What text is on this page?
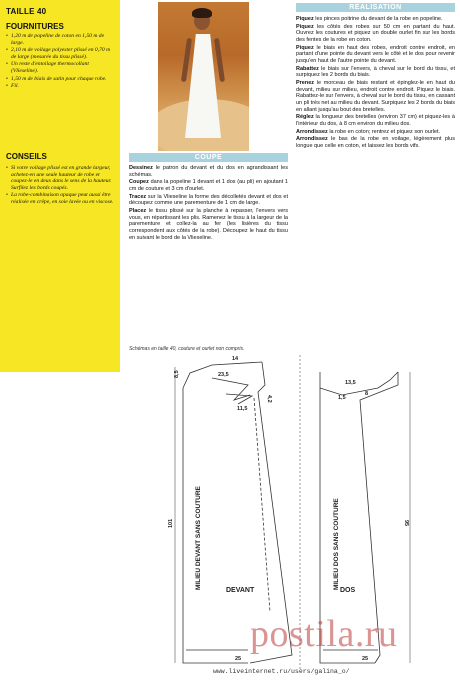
TAILLE 40
FOURNITURES
• 1,20 m de popeline de coton en 1,50 m de large.
• 2,10 m de voilage polyester plissé en 0,70 m de large (mesurée du tissu plissé).
• Un reste d'entoilage thermocollant (Vlieseline).
• 1,50 m de biais de satin pour chaque robe.
• Fil.
CONSEILS
• Si votre voilage plissé est en grande largeur, achetez-en une seule hauteur de robe et coupez-le en deux dans le sens de la hauteur. Surfilez les bords coupés.
• La robe-combinaison opaque peut aussi être réalisée en crêpe, en soie lavée ou en viscose.
COUPE

Dessinez le patron du devant et du dos en agrandissant les schémas.

Coupez dans la popeline 1 devant et 1 dos (au pli) en ajoutant 1 cm de couture et 3 cm d'ourlet.

Tracez sur la Vlieseline la forme des décolletés devant et dos et découpez comme une parementure de 1 cm de large.

Placez le tissu plissé sur la planche à repasser, l'envers vers vous, en répartissant les plis. Ramenez le tissu à la largeur de la parementure et collez-la au fer (les lisières du tissu correspondent aux côtés de la robe). Découpez le haut du tissu en suivant le bord de la Vlieseline.

RÉALISATION

Piquez les pinces poitrine du devant de la robe en popeline.

Piquez les côtés des robes sur 50 cm en partant du haut. Ouvrez les coutures et piquez un double ourlet fin sur les bords des fentes de la robe en coton.

Piquez le biais en haut des robes, endroit contre endroit, en partant d'une pointe du devant vers le côté et le dos pour revenir jusqu'en haut de l'autre pointe du devant.

Rabattez le biais sur l'envers, à cheval sur le bord du tissu, et surpiquez les 2 bords du biais.

Prenez le morceau de biais restant et épinglez-le en haut du devant, milieu sur milieu, endroit contre endroit. Piquez le biais. Rabattez-le sur l'envers, à cheval sur le bord du tissu, en cassant un pli très net au milieu du devant. Surpiquez les 2 bords du biais en allant jusqu'au bout des bretelles.

Réglez la longueur des bretelles (environ 37 cm) et piquez-les à l'intérieur du dos, à 8 cm environ du milieu dos.

Arrondissez la robe en coton; rentrez et piquez son ourlet.

Arrondissez le bas de la robe en voilage, légèrement plus longue que celle en coton, et laissez les bords vifs.

Schémas en taille 40, couture et ourlet non compris.
14
23,5
4,2
11,5
8,5
101
25
13,5
8
1,5
95
25
MILIEU DEVANT SANS COUTURE	MILIEU DOS SANS COUTURE
DEVANT	DOS
postila.ru
www.liveinternet.ru/users/galina_o/
